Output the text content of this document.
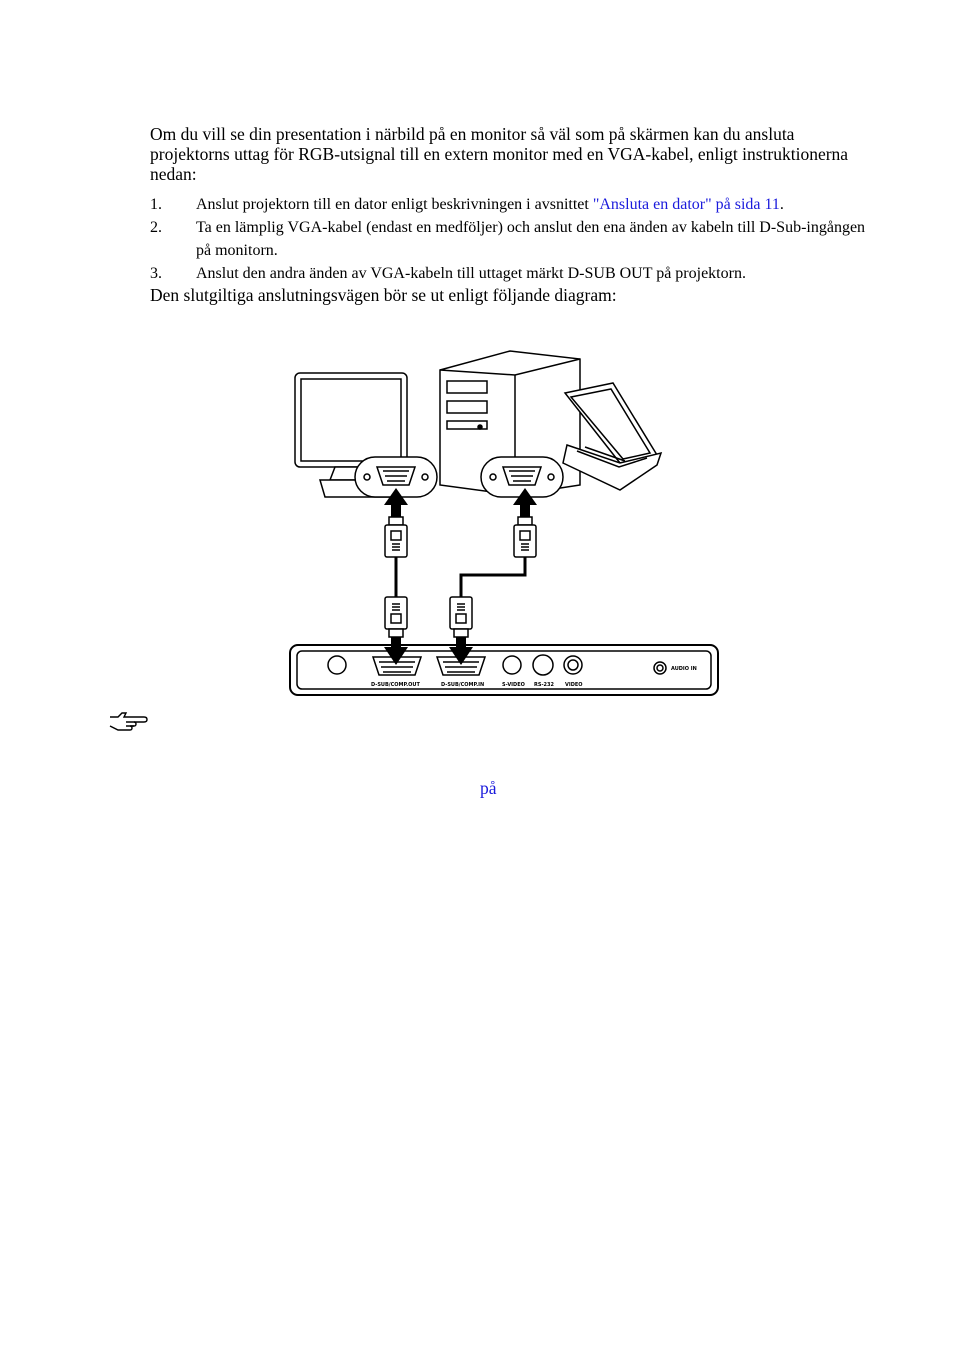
Om du vill se din presentation i närbild på en monitor så väl som på skärmen kan du ansluta projektorns uttag för RGB-utsignal till en extern monitor med en VGA-kabel, enligt instruktionerna nedan:

1. Anslut projektorn till en dator enligt beskrivningen i avsnittet "Ansluta en dator" på sida 11.
2. Ta en lämplig VGA-kabel (endast en medföljer) och anslut den ena änden av kabeln till D-Sub-ingången på monitorn.
3. Anslut den andra änden av VGA-kabeln till uttaget märkt D-SUB OUT på projektorn.

Den slutgiltiga anslutningsvägen bör se ut enligt följande diagram:

D-SUB/COMP.OUT	D-SUB/COMP.IN	S-VIDEO RS-232 VIDEO
AUDIO IN
på
